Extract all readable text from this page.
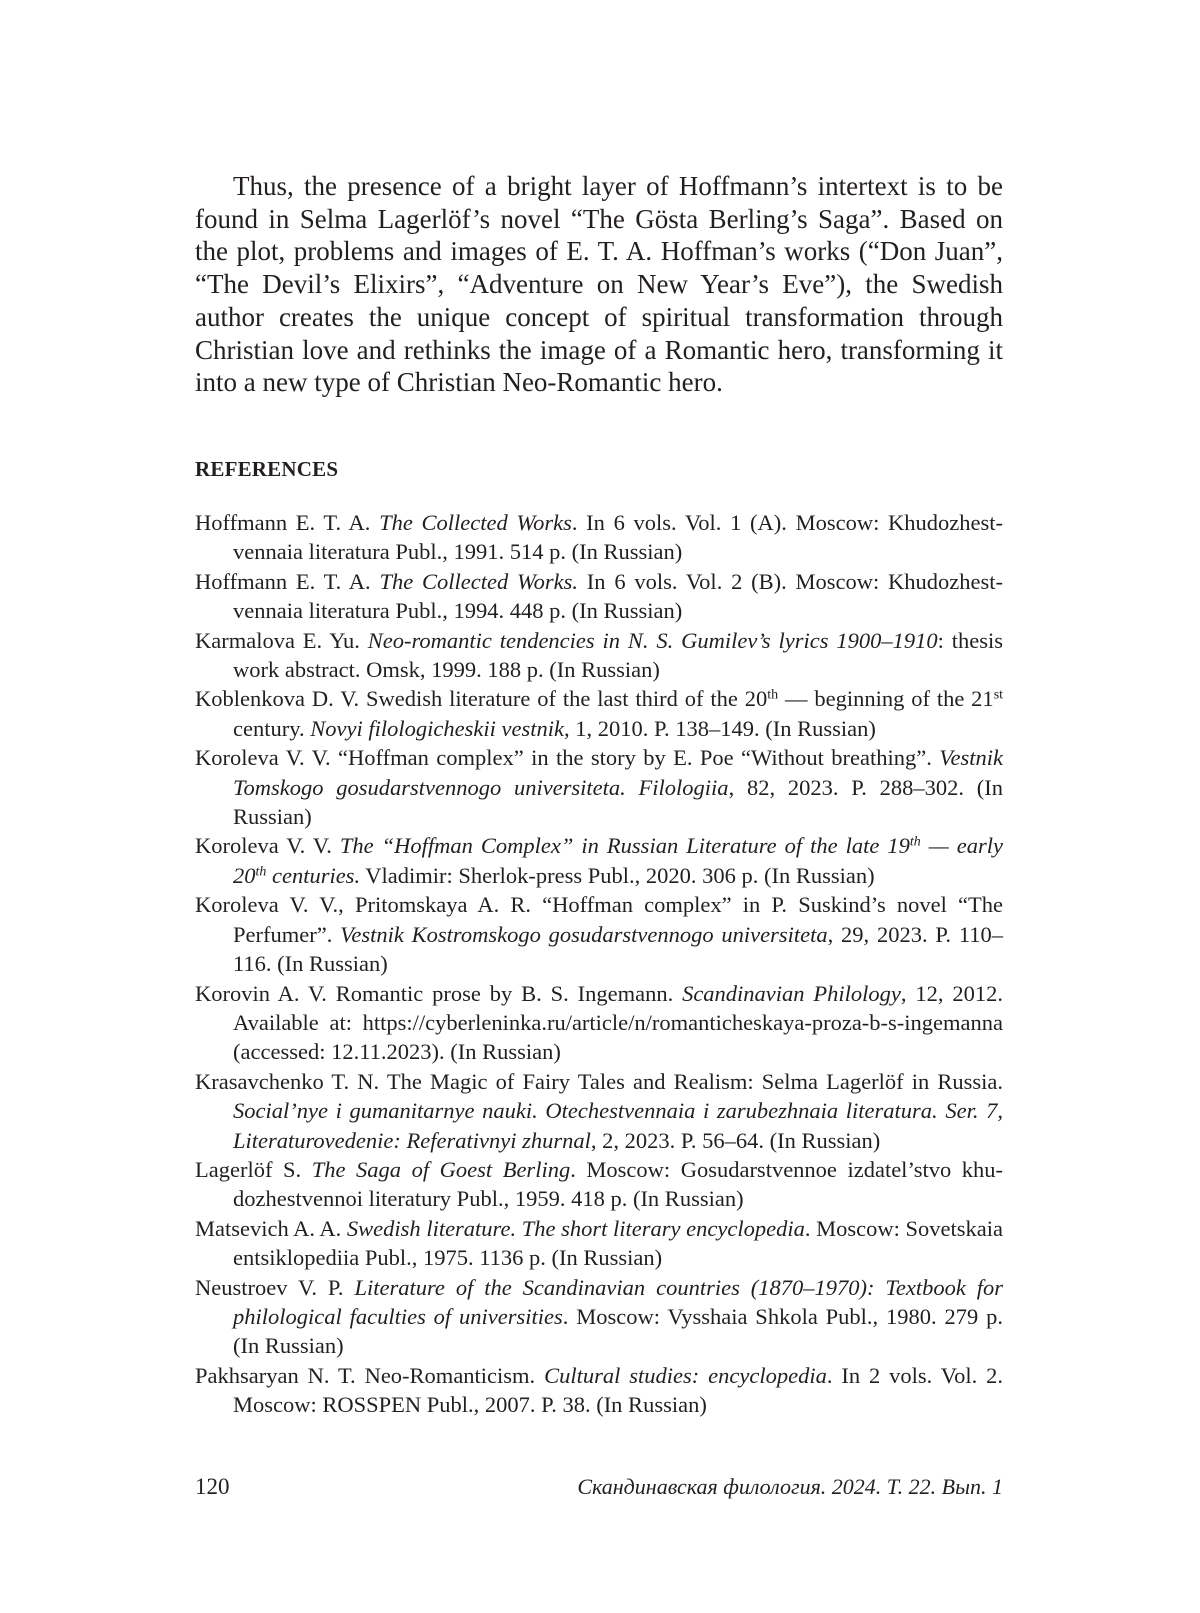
Thus, the presence of a bright layer of Hoffmann’s intertext is to be found in Selma Lagerlöf’s novel “The Gösta Berling’s Saga”. Based on the plot, problems and images of E. T. A. Hoffman’s works (“Don Juan”, “The Devil’s Elixirs”, “Adventure on New Year’s Eve”), the Swedish author creates the unique concept of spiritual transformation through Christian love and rethinks the image of a Romantic hero, transforming it into a new type of Christian Neo-Romantic hero.

REFERENCES
Hoffmann E. T. A. The Collected Works. In 6 vols. Vol. 1 (A). Moscow: Khudozhestvennaia literatura Publ., 1991. 514 p. (In Russian)
Hoffmann E. T. A. The Collected Works. In 6 vols. Vol. 2 (B). Moscow: Khudozhestvennaia literatura Publ., 1994. 448 p. (In Russian)
Karmalova E. Yu. Neo-romantic tendencies in N. S. Gumilev’s lyrics 1900–1910: thesis work abstract. Omsk, 1999. 188 p. (In Russian)
Koblenkova D. V. Swedish literature of the last third of the 20th — beginning of the 21st century. Novyi filologicheskii vestnik, 1, 2010. P. 138–149. (In Russian)
Koroleva V. V. “Hoffman complex” in the story by E. Poe “Without breathing”. Vestnik Tomskogo gosudarstvennogo universiteta. Filologiia, 82, 2023. P. 288–302. (In Russian)
Koroleva V. V. The “Hoffman Complex” in Russian Literature of the late 19th — early 20th centuries. Vladimir: Sherlok-press Publ., 2020. 306 p. (In Russian)
Koroleva V. V., Pritomskaya A. R. “Hoffman complex” in P. Suskind’s novel “The Perfumer”. Vestnik Kostromskogo gosudarstvennogo universiteta, 29, 2023. P. 110–116. (In Russian)
Korovin A. V. Romantic prose by B. S. Ingemann. Scandinavian Philology, 12, 2012. Available at: https://cyberleninka.ru/article/n/romanticheskaya-proza-b-s-ingemanna (accessed: 12.11.2023). (In Russian)
Krasavchenko T. N. The Magic of Fairy Tales and Realism: Selma Lagerlöf in Russia. Social’nye i gumanitarnye nauki. Otechestvennaia i zarubezhnaia literatura. Ser. 7, Literaturovedenie: Referativnyi zhurnal, 2, 2023. P. 56–64. (In Russian)
Lagerlöf S. The Saga of Goest Berling. Moscow: Gosudarstvennoe izdatel’stvo khudozhestvennoi literatury Publ., 1959. 418 p. (In Russian)
Matsevich A. A. Swedish literature. The short literary encyclopedia. Moscow: Sovetskaia entsiklopediia Publ., 1975. 1136 p. (In Russian)
Neustroev V. P. Literature of the Scandinavian countries (1870–1970): Textbook for philological faculties of universities. Moscow: Vysshaia Shkola Publ., 1980. 279 p. (In Russian)
Pakhsaryan N. T. Neo-Romanticism. Cultural studies: encyclopedia. In 2 vols. Vol. 2. Moscow: ROSSPEN Publ., 2007. P. 38. (In Russian)
120	Скандинавская филология. 2024. Т. 22. Вып. 1
